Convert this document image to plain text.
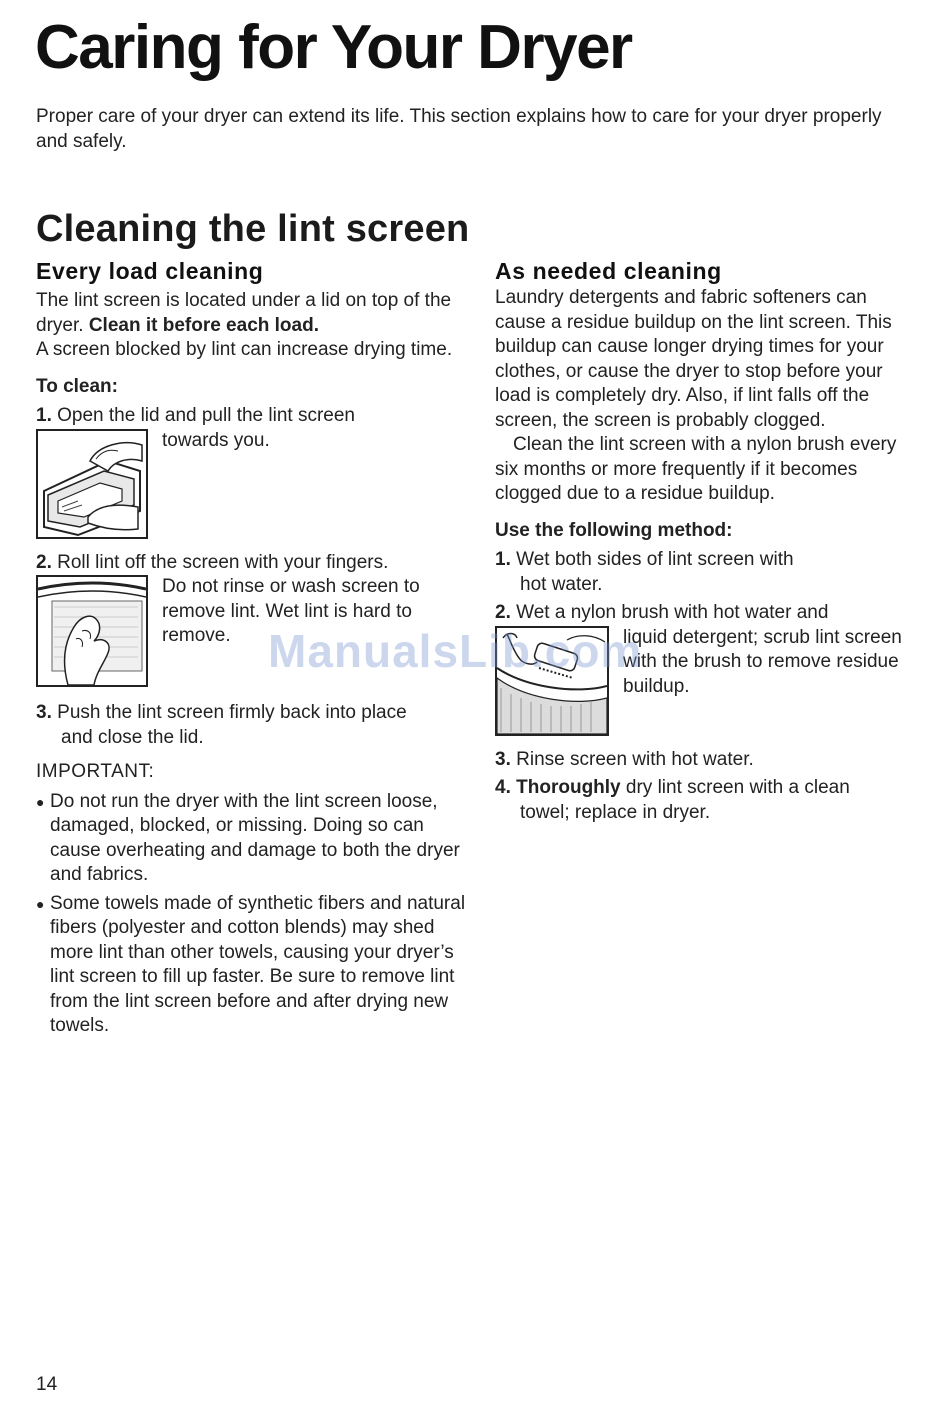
Caring for Your Dryer

Proper care of your dryer can extend its life. This section explains how to care for your dryer properly and safely.

Cleaning the lint screen
Every load cleaning
The lint screen is located under a lid on top of the dryer. Clean it before each load.
A screen blocked by lint can increase drying time.
To clean:
1. Open the lid and pull the lint screen
towards you.
2. Roll lint off the screen with your fingers.
Do not rinse or wash screen to remove lint. Wet lint is hard to remove.
3. Push the lint screen firmly back into place
and close the lid.
IMPORTANT:
● Do not run the dryer with the lint screen loose, damaged, blocked, or missing. Doing so can cause overheating and damage to both the dryer and fabrics.
● Some towels made of synthetic fibers and natural fibers (polyester and cotton blends) may shed more lint than other towels, causing your dryer’s lint screen to fill up faster. Be sure to remove lint from the lint screen before and after drying new towels.
As needed cleaning
Laundry detergents and fabric softeners can cause a residue buildup on the lint screen. This buildup can cause longer drying times for your clothes, or cause the dryer to stop before your load is completely dry. Also, if lint falls off the screen, the screen is probably clogged.
Clean the lint screen with a nylon brush every six months or more frequently if it becomes clogged due to a residue buildup.
Use the following method:
1. Wet both sides of lint screen with
hot water.
2. Wet a nylon brush with hot water and
liquid detergent; scrub lint screen with the brush to remove residue buildup.
3. Rinse screen with hot water.
4. Thoroughly dry lint screen with a clean
towel; replace in dryer.
ManualsLib.com
14
